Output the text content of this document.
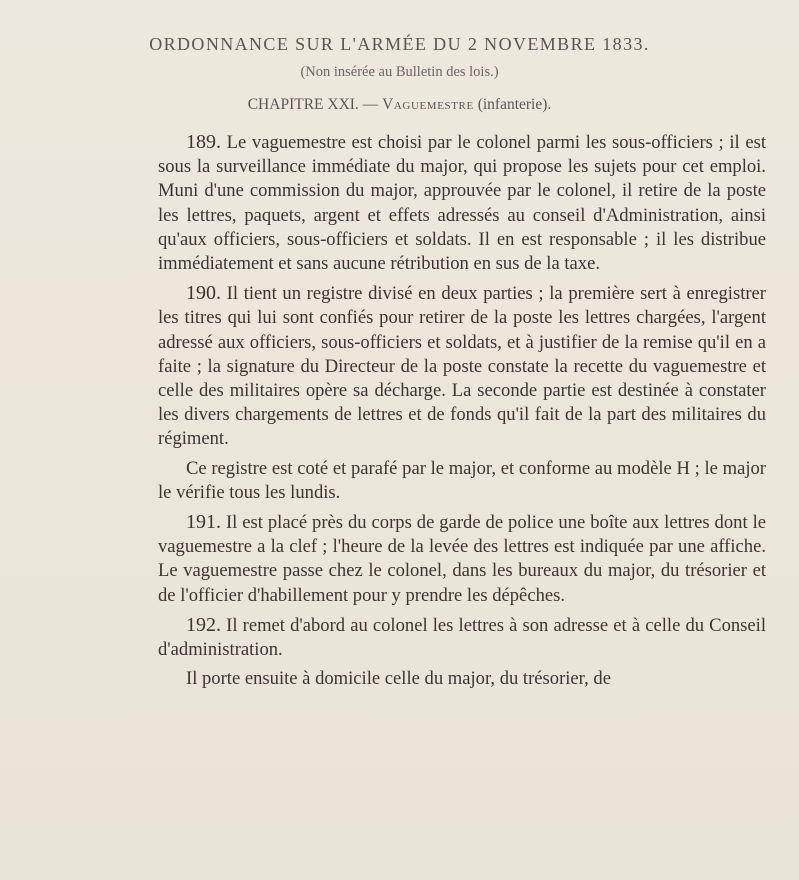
ORDONNANCE SUR L'ARMÉE DU 2 NOVEMBRE 1833.
(Non insérée au Bulletin des lois.)
CHAPITRE XXI. — Vaguemestre (infanterie).

189. Le vaguemestre est choisi par le colonel parmi les sous-officiers ; il est sous la surveillance immédiate du major, qui propose les sujets pour cet emploi. Muni d'une commission du major, approuvée par le colonel, il retire de la poste les lettres, paquets, argent et effets adressés au conseil d'Administration, ainsi qu'aux officiers, sous-officiers et soldats. Il en est responsable ; il les distribue immédiatement et sans aucune rétribution en sus de la taxe.

190. Il tient un registre divisé en deux parties ; la première sert à enregistrer les titres qui lui sont confiés pour retirer de la poste les lettres chargées, l'argent adressé aux officiers, sous-officiers et soldats, et à justifier de la remise qu'il en a faite ; la signature du Directeur de la poste constate la recette du vaguemestre et celle des militaires opère sa décharge. La seconde partie est destinée à constater les divers chargements de lettres et de fonds qu'il fait de la part des militaires du régiment.

Ce registre est coté et parafé par le major, et conforme au modèle H ; le major le vérifie tous les lundis.

191. Il est placé près du corps de garde de police une boîte aux lettres dont le vaguemestre a la clef ; l'heure de la levée des lettres est indiquée par une affiche. Le vaguemestre passe chez le colonel, dans les bureaux du major, du trésorier et de l'officier d'habillement pour y prendre les dépêches.

192. Il remet d'abord au colonel les lettres à son adresse et à celle du Conseil d'administration.

Il porte ensuite à domicile celle du major, du trésorier, de
